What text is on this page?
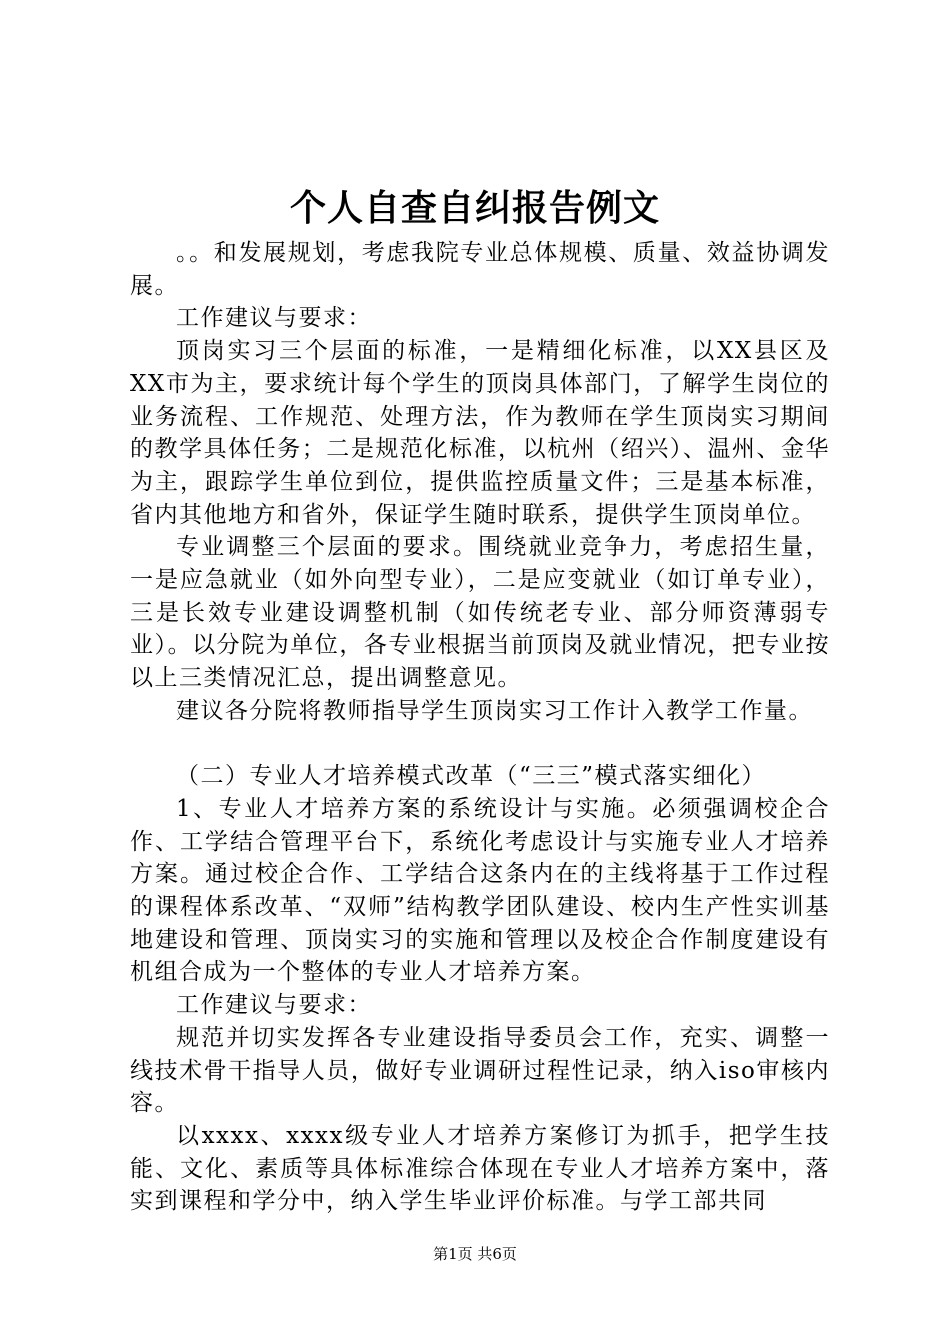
个人自查自纠报告例文

。。和发展规划，考虑我院专业总体规模、质量、效益协调发展。

工作建议与要求：

顶岗实习三个层面的标准，一是精细化标准，以XX县区及XX市为主，要求统计每个学生的顶岗具体部门，了解学生岗位的业务流程、工作规范、处理方法，作为教师在学生顶岗实习期间的教学具体任务；二是规范化标准，以杭州（绍兴）、温州、金华为主，跟踪学生单位到位，提供监控质量文件；三是基本标准，省内其他地方和省外，保证学生随时联系，提供学生顶岗单位。

专业调整三个层面的要求。围绕就业竞争力，考虑招生量，一是应急就业（如外向型专业），二是应变就业（如订单专业），三是长效专业建设调整机制（如传统老专业、部分师资薄弱专业）。以分院为单位，各专业根据当前顶岗及就业情况，把专业按以上三类情况汇总，提出调整意见。

建议各分院将教师指导学生顶岗实习工作计入教学工作量。

（二）专业人才培养模式改革（“三三”模式落实细化）

1、专业人才培养方案的系统设计与实施。必须强调校企合作、工学结合管理平台下，系统化考虑设计与实施专业人才培养方案。通过校企合作、工学结合这条内在的主线将基于工作过程的课程体系改革、“双师”结构教学团队建设、校内生产性实训基地建设和管理、顶岗实习的实施和管理以及校企合作制度建设有机组合成为一个整体的专业人才培养方案。

工作建议与要求：

规范并切实发挥各专业建设指导委员会工作，充实、调整一线技术骨干指导人员，做好专业调研过程性记录，纳入iso审核内容。

以xxxx、xxxx级专业人才培养方案修订为抓手，把学生技能、文化、素质等具体标准综合体现在专业人才培养方案中，落实到课程和学分中，纳入学生毕业评价标准。与学工部共同

第1页 共6页
